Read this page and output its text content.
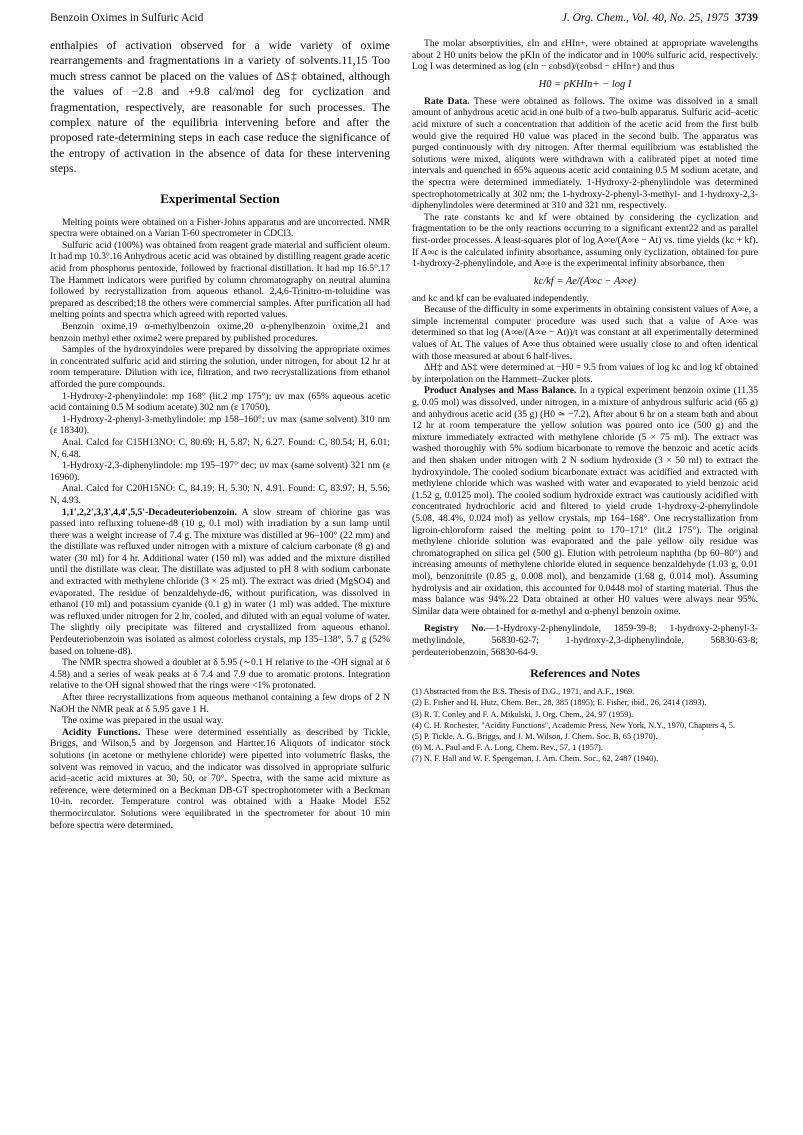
Benzoin Oximes in Sulfuric Acid	J. Org. Chem., Vol. 40, No. 25, 1975 3739

enthalpies of activation observed for a wide variety of oxime rearrangements and fragmentations in a variety of solvents.11,15 Too much stress cannot be placed on the values of ΔS‡ obtained, although the values of −2.8 and +9.8 cal/mol deg for cyclization and fragmentation, respectively, are reasonable for such processes. The complex nature of the equilibria intervening before and after the proposed rate-determining steps in each case reduce the significance of the entropy of activation in the absence of data for these intervening steps.

Experimental Section

Melting points were obtained on a Fisher-Johns apparatus and are uncorrected. NMR spectra were obtained on a Varian T-60 spectrometer in CDCl3.

Sulfuric acid (100%) was obtained from reagent grade material and sufficient oleum. It had mp 10.3°.16 Anhydrous acetic acid was obtained by distilling reagent grade acetic acid from phosphorus pentoxide, followed by fractional distillation. It had mp 16.5°.17 The Hammett indicators were purified by column chromatography on neutral alumina followed by recrystallization from aqueous ethanol. 2,4,6-Trinitro-m-toluidine was prepared as described;18 the others were commercial samples. After purification all had melting points and spectra which agreed with reported values.

Benzoin oxime,19 α-methylbenzoin oxime,20 α-phenylbenzoin oxime,21 and benzoin methyl ether oxime2 were prepared by published procedures.

Samples of the hydroxyindoles were prepared by dissolving the appropriate oximes in concentrated sulfuric acid and stirring the solution, under nitrogen, for about 12 hr at room temperature. Dilution with ice, filtration, and two recrystallizations from ethanol afforded the pure compounds.

1-Hydroxy-2-phenylindole: mp 168° (lit.2 mp 175°); uv max (65% aqueous acetic acid containing 0.5 M sodium acetate) 302 nm (ε 17050).

1-Hydroxy-2-phenyl-3-methylindole: mp 158–160°; uv max (same solvent) 310 nm (ε 18340).

Anal. Calcd for C15H13NO: C, 80.69; H, 5.87; N, 6.27. Found: C, 80.54; H, 6.01; N, 6.48.

1-Hydroxy-2,3-diphenylindole: mp 195–197° dec; uv max (same solvent) 321 nm (ε 16960).

Anal. Calcd for C20H15NO: C, 84.19; H, 5.30; N, 4.91. Found: C, 83.97; H, 5.56; N, 4.93.

1,1′,2,2′,3,3′,4,4′,5,5′-Decadeuteriobenzoin. A slow stream of chlorine gas was passed into refluxing toluene-d8 (10 g, 0.1 mol) with irradiation by a sun lamp until there was a weight increase of 7.4 g. The mixture was distilled at 96–100° (22 mm) and the distillate was refluxed under nitrogen with a mixture of calcium carbonate (8 g) and water (30 ml) for 4 hr. Additional water (150 ml) was added and the mixture distilled until the distillate was clear. The distillate was adjusted to pH 8 with sodium carbonate and extracted with methylene chloride (3 × 25 ml). The extract was dried (MgSO4) and evaporated. The residue of benzaldehyde-d6, without purification, was dissolved in ethanol (10 ml) and potassium cyanide (0.1 g) in water (1 ml) was added. The mixture was refluxed under nitrogen for 2 hr, cooled, and diluted with an equal volume of water. The slightly oily precipitate was filtered and crystallized from aqueous ethanol. Perdeuteriobenzoin was isolated as almost colorless crystals, mp 135–138°, 5.7 g (52% based on toluene-d8).

The NMR spectra showed a doublet at δ 5.95 (∼0.1 H relative to the -OH signal at δ 4.58) and a series of weak peaks at δ 7.4 and 7.9 due to aromatic protons. Integration relative to the OH signal showed that the rings were <1% protonated.

After three recrystallizations from aqueous methanol containing a few drops of 2 N NaOH the NMR peak at δ 5.95 gave 1 H.

The oxime was prepared in the usual way.

Acidity Functions. These were determined essentially as described by Tickle, Briggs, and Wilson,5 and by Jorgenson and Hartter.16 Aliquots of indicator stock solutions (in acetone or methylene chloride) were pipetted into volumetric flasks, the solvent was removed in vacuo, and the indicator was dissolved in appropriate sulfuric acid–acetic acid mixtures at 30, 50, or 70°. Spectra, with the same acid mixture as reference, were determined on a Beckman DB-GT spectrophotometer with a Beckman 10-in. recorder. Temperature control was obtained with a Haake Model E52 thermocirculator. Solutions were equilibrated in the spectrometer for about 10 min before spectra were determined.

The molar absorptivities, εIn and εHIn+, were obtained at appropriate wavelengths about 2 H0 units below the pKIn of the indicator and in 100% sulfuric acid, respectively. Log I was determined as log (εIn − εobsd)/(εobsd − εHIn+) and thus

H0 = pKHIn+ − log I

Rate Data. These were obtained as follows. The oxime was dissolved in a small amount of anhydrous acetic acid in one bulb of a two-bulb apparatus. Sulfuric acid–acetic acid mixture of such a concentration that addition of the acetic acid from the first bulb would give the required H0 value was placed in the second bulb. The apparatus was purged continuously with dry nitrogen. After thermal equilibrium was established the solutions were mixed, aliquots were withdrawn with a calibrated pipet at noted time intervals and quenched in 65% aqueous acetic acid containing 0.5 M sodium acetate, and the spectra were determined immediately. 1-Hydroxy-2-phenylindole was determined spectrophotometrically at 302 nm; the 1-hydroxy-2-phenyl-3-methyl- and 1-hydroxy-2,3-diphenylindoles were determined at 310 and 321 nm, respectively.

The rate constants kc and kf were obtained by considering the cyclization and fragmentation to be the only reactions occurring to a significant extent22 and as parallel first-order processes. A least-squares plot of log A∞e/(A∞e − At) vs. time yields (kc + kf). If A∞c is the calculated infinity absorbance, assuming only cyclization, obtained for pure 1-hydroxy-2-phenylindole, and A∞e is the experimental infinity absorbance, then

kc/kf = Ae/(A∞c − A∞e)

and kc and kf can be evaluated independently.

Because of the difficulty in some experiments in obtaining consistent values of A∞e, a simple incremental computer procedure was used such that a value of A∞e was determined so that log (A∞e/(A∞e − At))/t was constant at all experimentally determined values of At. The values of A∞e thus obtained were usually close to and often identical with those measured at about 6 half-lives.

ΔH‡ and ΔS‡ were determined at −H0 = 9.5 from values of log kc and log kf obtained by interpolation on the Hammett–Zucker plots.

Product Analyses and Mass Balance. In a typical experiment benzoin oxime (11.35 g, 0.05 mol) was dissolved, under nitrogen, in a mixture of anhydrous sulfuric acid (65 g) and anhydrous acetic acid (35 g) (H0 ≃ −7.2). After about 6 hr on a steam bath and about 12 hr at room temperature the yellow solution was poured onto ice (500 g) and the mixture immediately extracted with methylene chloride (5 × 75 ml). The extract was washed thoroughly with 5% sodium bicarbonate to remove the benzoic and acetic acids and then shaken under nitrogen with 2 N sodium hydroxide (3 × 50 ml) to extract the hydroxyindole. The cooled sodium bicarbonate extract was acidified and extracted with methylene chloride which was washed with water and evaporated to yield benzoic acid (1.52 g, 0.0125 mol). The cooled sodium hydroxide extract was cautiously acidified with concentrated hydrochloric acid and filtered to yield crude 1-hydroxy-2-phenylindole (5.08, 48.4%, 0.024 mol) as yellow crystals, mp 164–168°. One recrystallization from ligroin-chloroform raised the melting point to 170–171° (lit.2 175°). The original methylene chloride solution was evaporated and the pale yellow oily residue was chromatographed on silica gel (500 g). Elution with petroleum naphtha (bp 60–80°) and increasing amounts of methylene chloride eluted in sequence benzaldehyde (1.03 g, 0.01 mol), benzonitrile (0.85 g, 0.008 mol), and benzamide (1.68 g, 0.014 mol). Assuming hydrolysis and air oxidation, this accounted for 0.0448 mol of starting material. Thus the mass balance was 94%.22 Data obtained at other H0 values were always near 95%. Similar data were obtained for α-methyl and α-phenyl benzoin oxime.

Registry No.—1-Hydroxy-2-phenylindole, 1859-39-8; 1-hydroxy-2-phenyl-3-methylindole, 56830-62-7; 1-hydroxy-2,3-diphenylindole, 56830-63-8; perdeuteriobenzoin, 56830-64-9.

References and Notes
(1) Abstracted from the B.S. Thesis of D.G., 1971, and A.F., 1969.
(2) E. Fisher and H. Hutz, Chem. Ber., 28, 385 (1895); E. Fisher, ibid., 26, 2414 (1893).
(3) R. T. Conley and F. A. Mikulski, J. Org. Chem., 24, 97 (1959).
(4) C. H. Rochester, "Acidity Functions", Academic Press, New York, N.Y., 1970, Chapters 4, 5.
(5) P. Tickle, A. G. Briggs, and J. M. Wilson, J. Chem. Soc. B, 65 (1970).
(6) M. A. Paul and F. A. Long, Chem. Rev., 57, 1 (1957).
(7) N. F. Hall and W. F. Spengeman, J. Am. Chem. Soc., 62, 2487 (1940).
